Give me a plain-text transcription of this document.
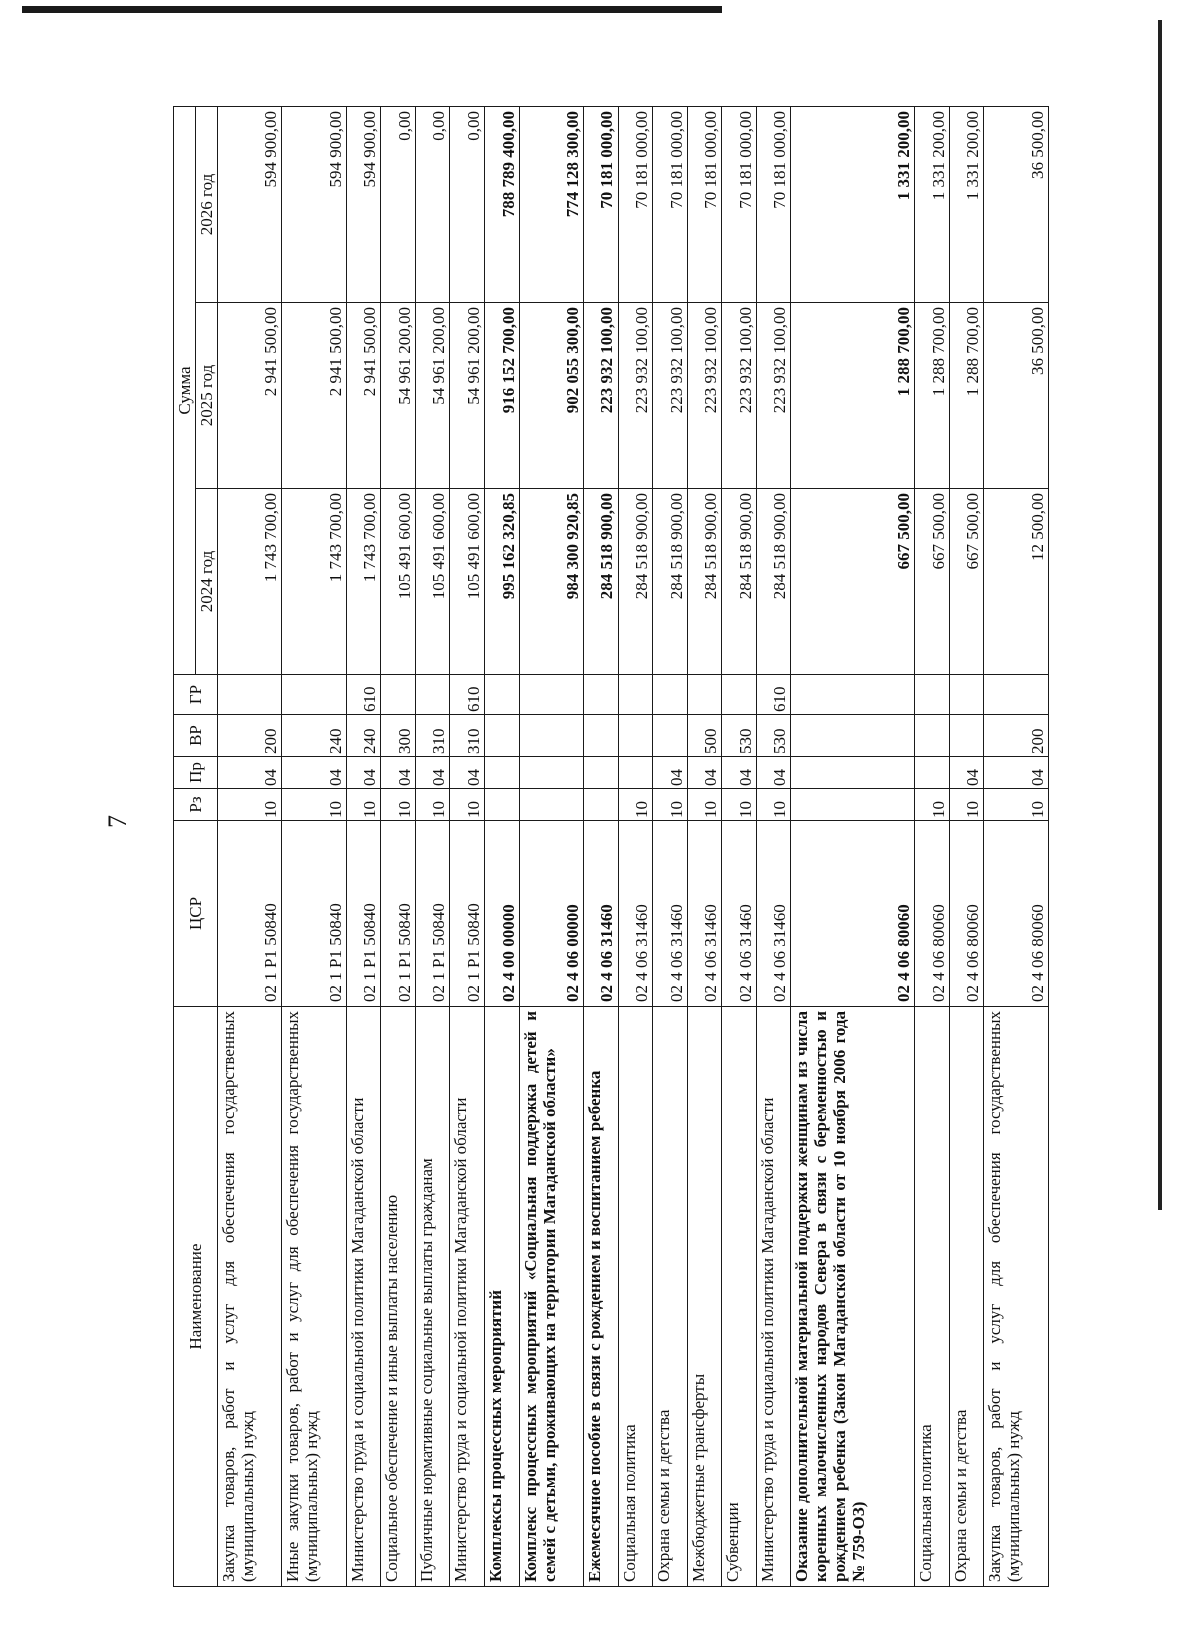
7
Наименование	ЦСР	Рз	Пр	ВР	ГР	Сумма		
						2024 год	2025 год	2026 год
Закупка товаров, работ и услуг для обеспечения государственных (муниципальных) нужд	02 1 Р1 50840	10	04	200		1 743 700,00	2 941 500,00	594 900,00
Иные закупки товаров, работ и услуг для обеспечения государственных (муниципальных) нужд	02 1 Р1 50840	10	04	240		1 743 700,00	2 941 500,00	594 900,00
Министерство труда и социальной политики Магаданской области	02 1 Р1 50840	10	04	240	610	1 743 700,00	2 941 500,00	594 900,00
Социальное обеспечение и иные выплаты населению	02 1 Р1 50840	10	04	300		105 491 600,00	54 961 200,00	0,00
Публичные нормативные социальные выплаты гражданам	02 1 Р1 50840	10	04	310		105 491 600,00	54 961 200,00	0,00
Министерство труда и социальной политики Магаданской области	02 1 Р1 50840	10	04	310	610	105 491 600,00	54 961 200,00	0,00
Комплексы процессных мероприятий	02 4 00 00000					995 162 320,85	916 152 700,00	788 789 400,00
Комплекс процессных мероприятий «Социальная поддержка детей и семей с детьми, проживающих на территории Магаданской области»	02 4 06 00000					984 300 920,85	902 055 300,00	774 128 300,00
Ежемесячное пособие в связи с рождением и воспитанием ребенка	02 4 06 31460					284 518 900,00	223 932 100,00	70 181 000,00
Социальная политика	02 4 06 31460	10				284 518 900,00	223 932 100,00	70 181 000,00
Охрана семьи и детства	02 4 06 31460	10	04			284 518 900,00	223 932 100,00	70 181 000,00
Межбюджетные трансферты	02 4 06 31460	10	04	500		284 518 900,00	223 932 100,00	70 181 000,00
Субвенции	02 4 06 31460	10	04	530		284 518 900,00	223 932 100,00	70 181 000,00
Министерство труда и социальной политики Магаданской области	02 4 06 31460	10	04	530	610	284 518 900,00	223 932 100,00	70 181 000,00
Оказание дополнительной материальной поддержки женщинам из числа коренных малочисленных народов Севера в связи с беременностью и рождением ребенка (Закон Магаданской области от 10 ноября 2006 года № 759-ОЗ)	02 4 06 80060					667 500,00	1 288 700,00	1 331 200,00
Социальная политика	02 4 06 80060	10				667 500,00	1 288 700,00	1 331 200,00
Охрана семьи и детства	02 4 06 80060	10	04			667 500,00	1 288 700,00	1 331 200,00
Закупка товаров, работ и услуг для обеспечения государственных (муниципальных) нужд	02 4 06 80060	10	04	200		12 500,00	36 500,00	36 500,00
